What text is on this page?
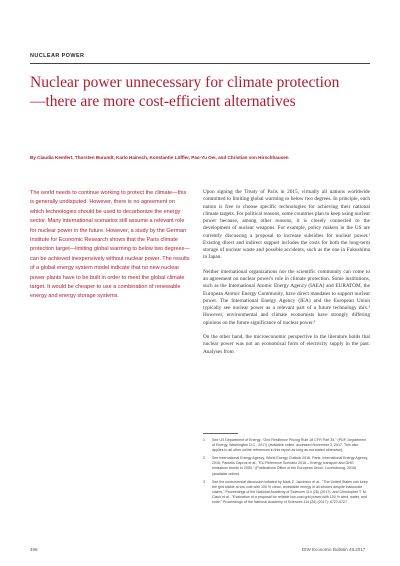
NUCLEAR POWER
Nuclear power unnecessary for climate protection—there are more cost-efficient alternatives
By Claudia Kemfert, Thorsten Burandt, Karlo Hainsch, Konstantin Löffler, Pao-Yu Oei, and Christian von Hirschhausen

The world needs to continue working to protect the climate—this is generally undisputed. However, there is no agreement on which technologies should be used to decarbonize the energy sector. Many international scenarios still assume a relevant role for nuclear power in the future. However, a study by the German Institute for Economic Research shows that the Paris climate protection target—limiting global warming to below two degrees—can be achieved inexpensively without nuclear power. The results of a global energy system model indicate that no new nuclear power plants have to be built in order to meet the global climate target. It would be cheaper to use a combination of renewable energy and energy storage systems.

Upon signing the Treaty of Paris in 2015, virtually all nations worldwide committed to limiting global warming to below two degrees. In principle, each nation is free to choose specific technologies for achieving their national climate targets. For political reasons, some countries plan to keep using nuclear power because, among other reasons, it is closely connected to the development of nuclear weapons. For example, policy makers in the US are currently discussing a proposal to increase subsidies for nuclear power.¹ Existing direct and indirect support includes the costs for both the long-term storage of nuclear waste and possible accidents, such as the one in Fukushima in Japan.

Neither international organizations nor the scientific community can come to an agreement on nuclear power's role in climate protection. Some institutions, such as the International Atomic Energy Agency (IAEA) and EURATOM, the European Atomic Energy Community, have direct mandates to support nuclear power. The International Energy Agency (IEA) and the European Union typically see nuclear power as a relevant part of a future technology mix.² However, environmental and climate economists have strongly differing opinions on the future significance of nuclear power.³

On the other hand, the microeconomic perspective in the literature holds that nuclear power was not an economical form of electricity supply in the past. Analyses from

1 See US Department of Energy, "Grid Resilience Pricing Rule 18 CFR Part 35," (PDF, Department of Energy, Washington D.C., 2017) (available online, accessed November 3, 2017. This also applies to all other online references in this report as long as not stated otherwise).
2 See International Energy Agency, World Energy Outlook 2016, Paris: International Energy Agency, 2016; Pantelis Capros et al., "EU Reference Scenario 2016 – Energy, transport and GHG emissions trends to 2050," (Publications Office of the European Union, Luxembourg, 2016) (available online).
3 See the controversial discussion initiated by Mark Z. Jacobson et al., "The United States can keep the grid stable at low cost with 100 % clean, renewable energy in all sectors despite inaccurate claims," Proceedings of the National Academy of Sciences 114 (26) (2017); and Christopher T. M. Clack et al., "Evaluation of a proposal for reliable low-cost grid power with 100 % wind, water, and solar," Proceedings of the National Academy of Sciences 114 (26) (2017): 6722-6727.
498	DIW Economic Bulletin 48.2017
